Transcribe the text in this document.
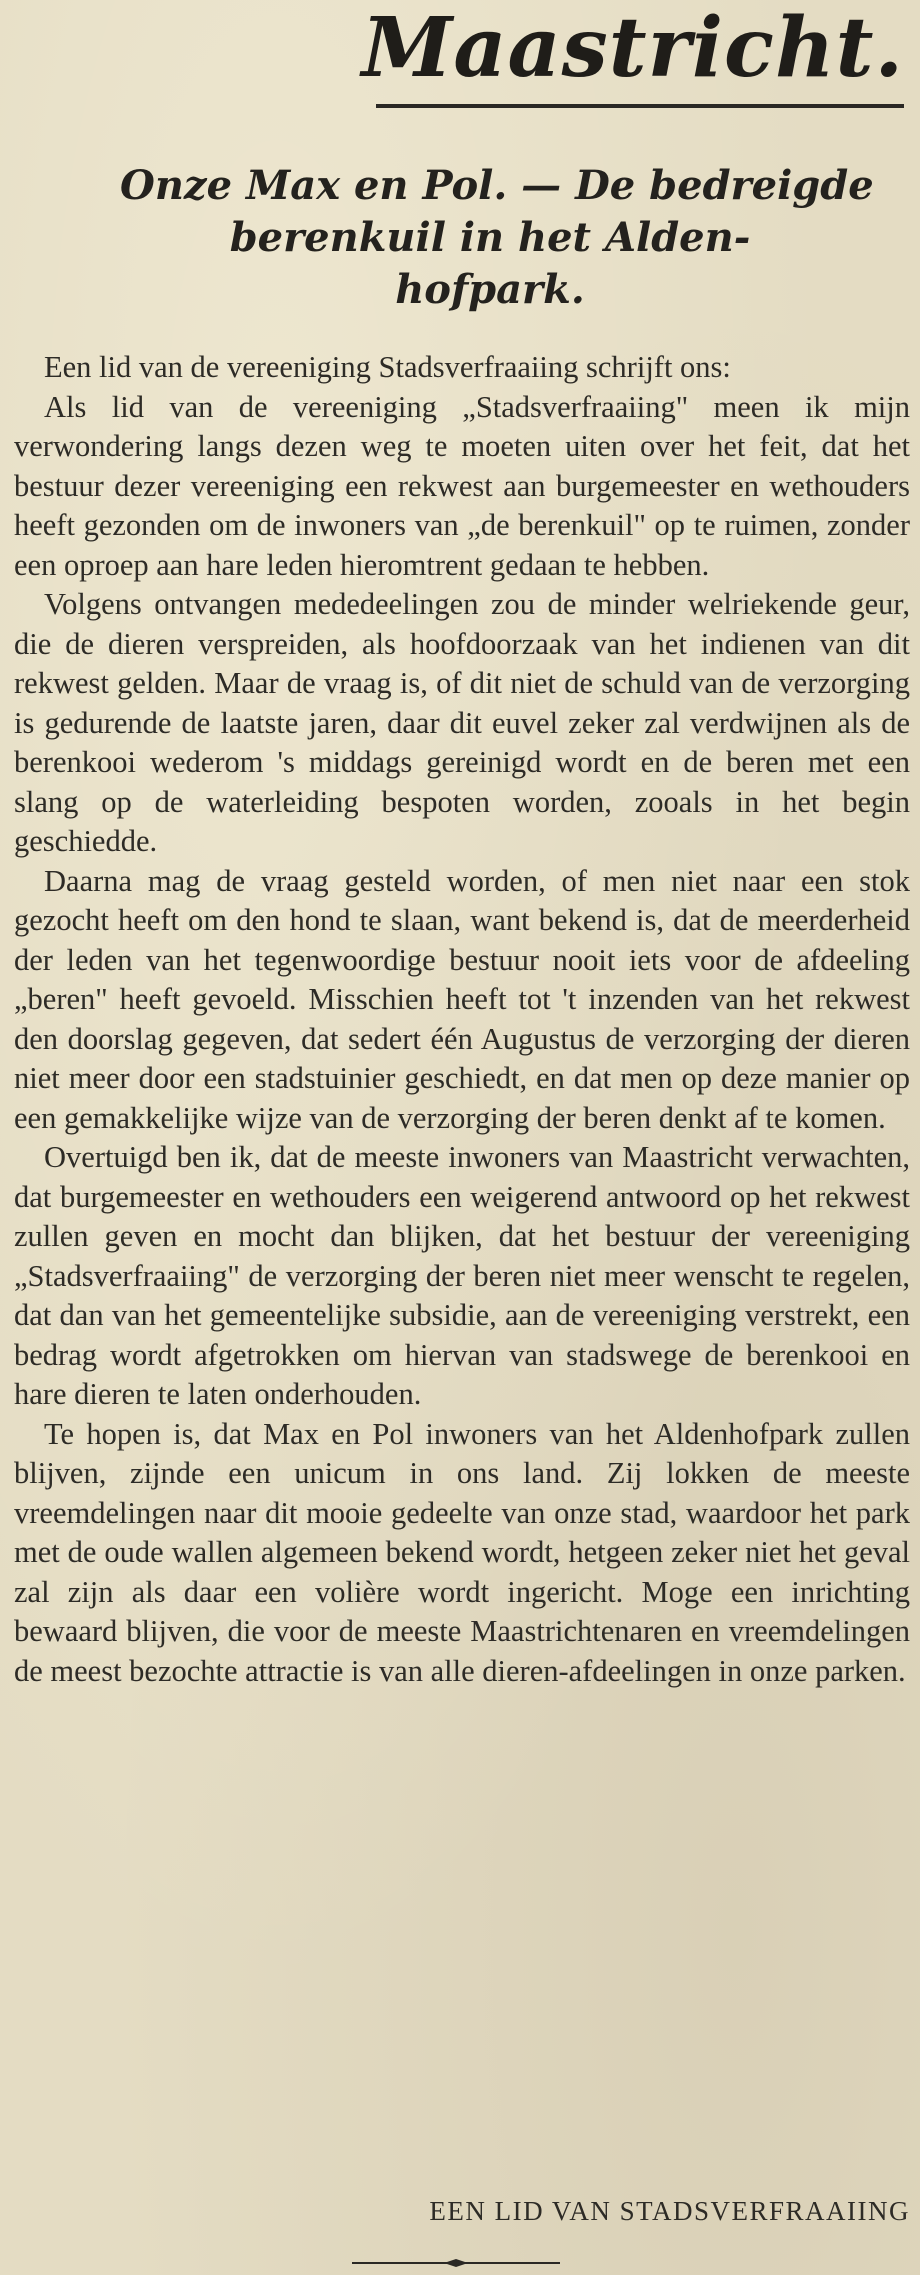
Maastricht.
Onze Max en Pol. — De bedreigde
berenkuil in het Alden-
hofpark.

Een lid van de vereeniging Stadsverfraaiing schrijft ons:

Als lid van de vereeniging „Stadsverfraaiing" meen ik mijn verwondering langs dezen weg te moeten uiten over het feit, dat het bestuur dezer vereeniging een rekwest aan burgemeester en wethouders heeft gezonden om de inwoners van „de berenkuil" op te ruimen, zonder een oproep aan hare leden hieromtrent gedaan te hebben.

Volgens ontvangen mededeelingen zou de minder welriekende geur, die de dieren verspreiden, als hoofdoorzaak van het indienen van dit rekwest gelden. Maar de vraag is, of dit niet de schuld van de verzorging is gedurende de laatste jaren, daar dit euvel zeker zal verdwijnen als de berenkooi wederom 's middags gereinigd wordt en de beren met een slang op de waterleiding bespoten worden, zooals in het begin geschiedde.

Daarna mag de vraag gesteld worden, of men niet naar een stok gezocht heeft om den hond te slaan, want bekend is, dat de meerderheid der leden van het tegenwoordige bestuur nooit iets voor de afdeeling „beren" heeft gevoeld. Misschien heeft tot 't inzenden van het rekwest den doorslag gegeven, dat sedert één Augustus de verzorging der dieren niet meer door een stadstuinier geschiedt, en dat men op deze manier op een gemakkelijke wijze van de verzorging der beren denkt af te komen.

Overtuigd ben ik, dat de meeste inwoners van Maastricht verwachten, dat burgemeester en wethouders een weigerend antwoord op het rekwest zullen geven en mocht dan blijken, dat het bestuur der vereeniging „Stadsverfraaiing" de verzorging der beren niet meer wenscht te regelen, dat dan van het gemeentelijke subsidie, aan de vereeniging verstrekt, een bedrag wordt afgetrokken om hiervan van stadswege de berenkooi en hare dieren te laten onderhouden.

Te hopen is, dat Max en Pol inwoners van het Aldenhofpark zullen blijven, zijnde een unicum in ons land. Zij lokken de meeste vreemdelingen naar dit mooie gedeelte van onze stad, waardoor het park met de oude wallen algemeen bekend wordt, hetgeen zeker niet het geval zal zijn als daar een volière wordt ingericht. Moge een inrichting bewaard blijven, die voor de meeste Maastrichtenaren en vreemdelingen de meest bezochte attractie is van alle dieren-afdeelingen in onze parken.

EEN LID VAN STADSVERFRAAIING
